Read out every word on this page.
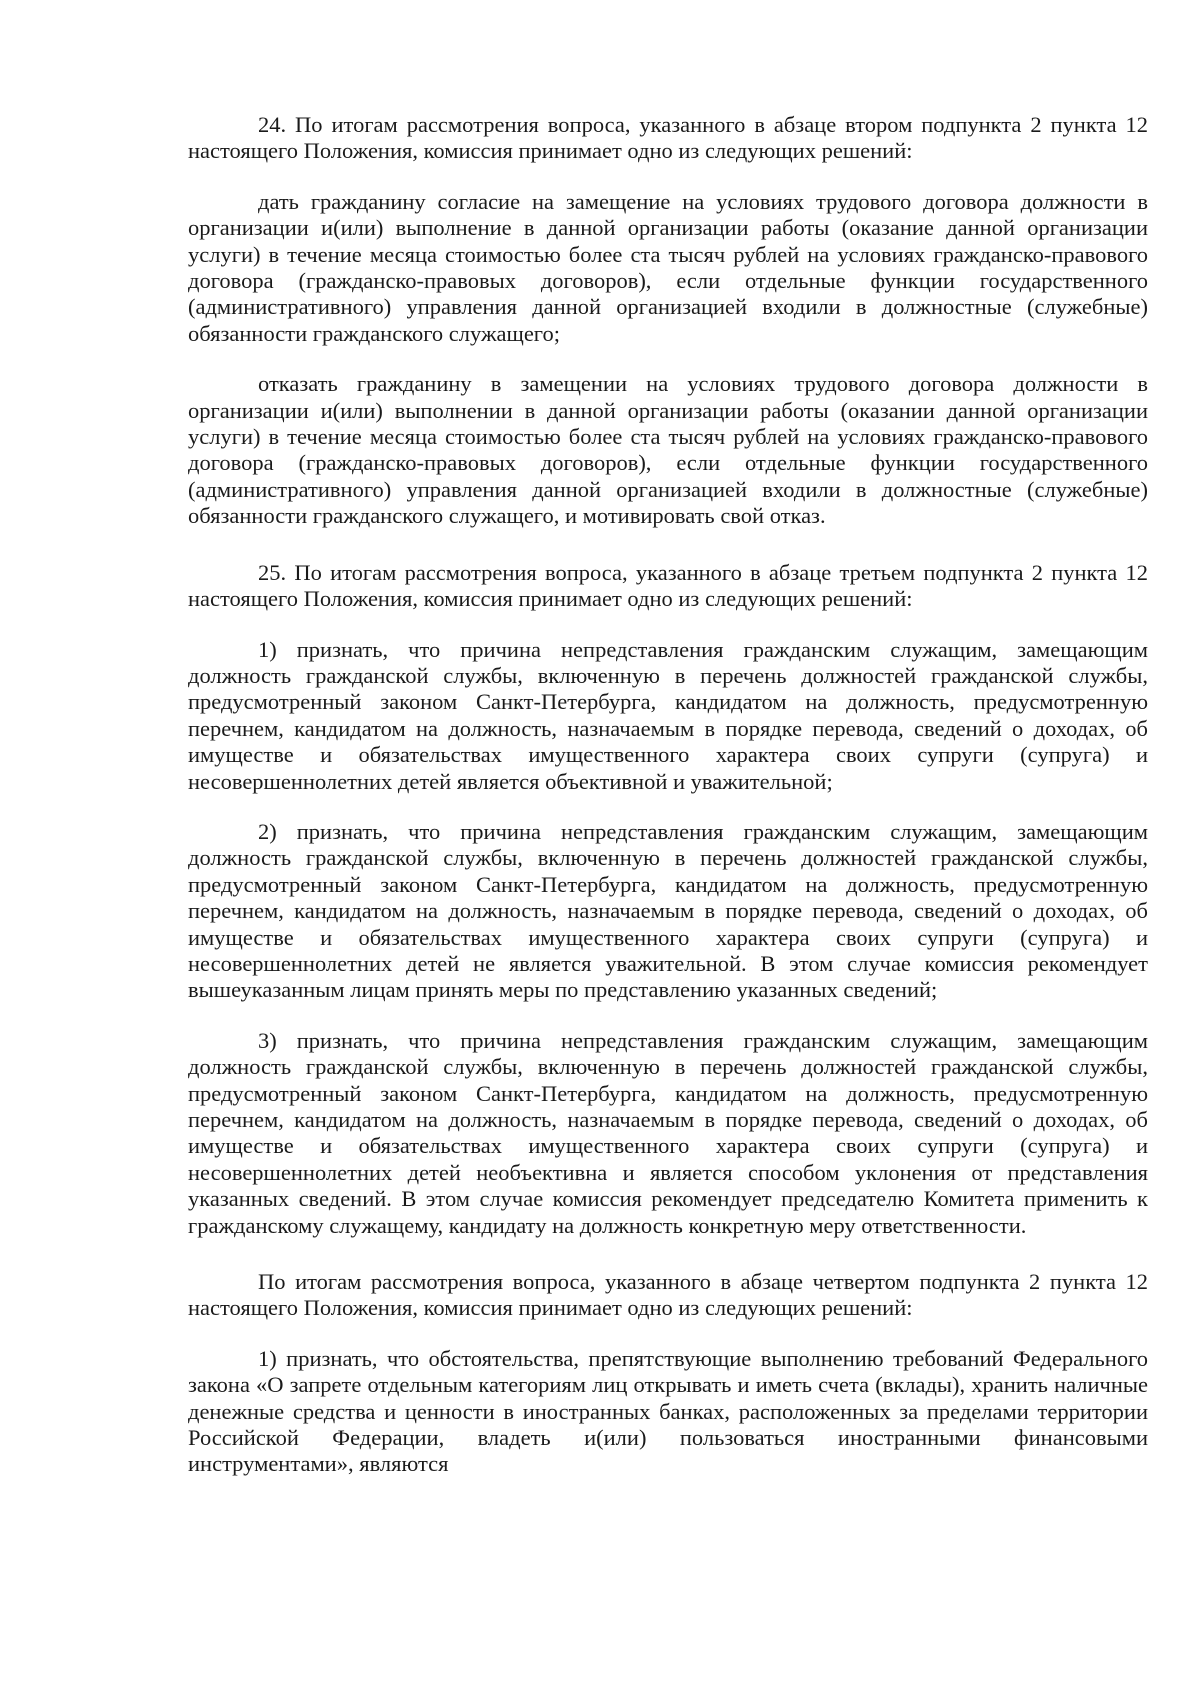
24. По итогам рассмотрения вопроса, указанного в абзаце втором подпункта 2 пункта 12 настоящего Положения, комиссия принимает одно из следующих решений:

дать гражданину согласие на замещение на условиях трудового договора должности в организации и(или) выполнение в данной организации работы (оказание данной организации услуги) в течение месяца стоимостью более ста тысяч рублей на условиях гражданско-правового договора (гражданско-правовых договоров), если отдельные функции государственного (административного) управления данной организацией входили в должностные (служебные) обязанности гражданского служащего;

отказать гражданину в замещении на условиях трудового договора должности в организации и(или) выполнении в данной организации работы (оказании данной организации услуги) в течение месяца стоимостью более ста тысяч рублей на условиях гражданско-правового договора (гражданско-правовых договоров), если отдельные функции государственного (административного) управления данной организацией входили в должностные (служебные) обязанности гражданского служащего, и мотивировать свой отказ.

25. По итогам рассмотрения вопроса, указанного в абзаце третьем подпункта 2 пункта 12 настоящего Положения, комиссия принимает одно из следующих решений:

1) признать, что причина непредставления гражданским служащим, замещающим должность гражданской службы, включенную в перечень должностей гражданской службы, предусмотренный законом Санкт-Петербурга, кандидатом на должность, предусмотренную перечнем, кандидатом на должность, назначаемым в порядке перевода, сведений о доходах, об имуществе и обязательствах имущественного характера своих супруги (супруга) и несовершеннолетних детей является объективной и уважительной;

2) признать, что причина непредставления гражданским служащим, замещающим должность гражданской службы, включенную в перечень должностей гражданской службы, предусмотренный законом Санкт-Петербурга, кандидатом на должность, предусмотренную перечнем, кандидатом на должность, назначаемым в порядке перевода, сведений о доходах, об имуществе и обязательствах имущественного характера своих супруги (супруга) и несовершеннолетних детей не является уважительной. В этом случае комиссия рекомендует вышеуказанным лицам принять меры по представлению указанных сведений;

3) признать, что причина непредставления гражданским служащим, замещающим должность гражданской службы, включенную в перечень должностей гражданской службы, предусмотренный законом Санкт-Петербурга, кандидатом на должность, предусмотренную перечнем, кандидатом на должность, назначаемым в порядке перевода, сведений о доходах, об имуществе и обязательствах имущественного характера своих супруги (супруга) и несовершеннолетних детей необъективна и является способом уклонения от представления указанных сведений. В этом случае комиссия рекомендует председателю Комитета применить к гражданскому служащему, кандидату на должность конкретную меру ответственности.

По итогам рассмотрения вопроса, указанного в абзаце четвертом подпункта 2 пункта 12 настоящего Положения, комиссия принимает одно из следующих решений:

1) признать, что обстоятельства, препятствующие выполнению требований Федерального закона «О запрете отдельным категориям лиц открывать и иметь счета (вклады), хранить наличные денежные средства и ценности в иностранных банках, расположенных за пределами территории Российской Федерации, владеть и(или) пользоваться иностранными финансовыми инструментами», являются
